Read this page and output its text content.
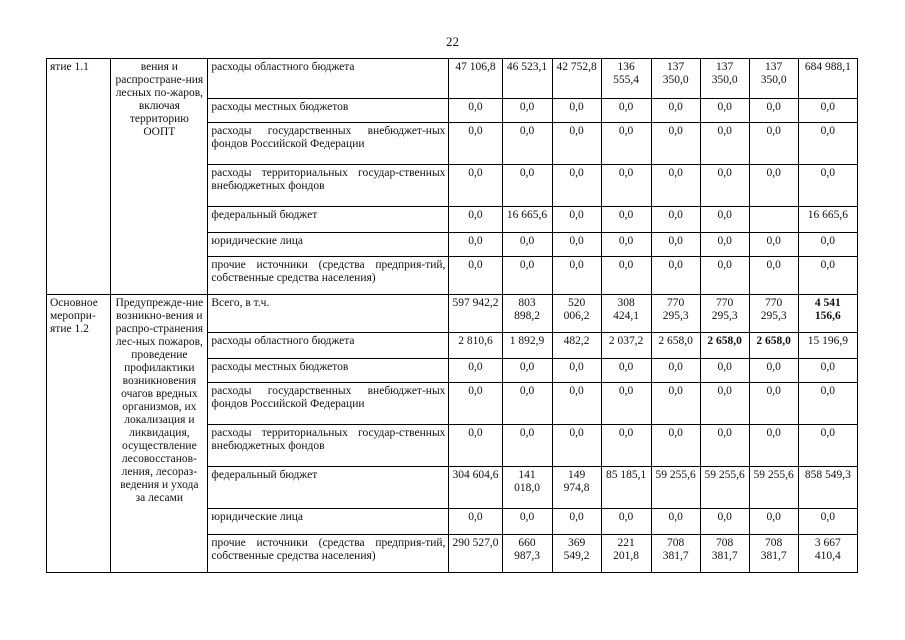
22
ятие 1.1	вения и распростране-ния лесных по-жаров, включая территорию ООПТ	расходы областного бюджета	47 106,8	46 523,1	42 752,8	136 555,4	137 350,0	137 350,0	137 350,0	684 988,1
		расходы местных бюджетов	0,0	0,0	0,0	0,0	0,0	0,0	0,0	0,0
		расходы государственных внебюджет-ных фондов Российской Федерации	0,0	0,0	0,0	0,0	0,0	0,0	0,0	0,0
		расходы территориальных государ-ственных внебюджетных фондов	0,0	0,0	0,0	0,0	0,0	0,0	0,0	0,0
		федеральный бюджет	0,0	16 665,6	0,0	0,0	0,0	0,0		16 665,6
		юридические лица	0,0	0,0	0,0	0,0	0,0	0,0	0,0	0,0
		прочие источники (средства предприя-тий, собственные средства населения)	0,0	0,0	0,0	0,0	0,0	0,0	0,0	0,0
Основное меропри-ятие 1.2	Предупрежде-ние возникно-вения и распро-странения лес-ных пожаров, проведение профилактики возникновения очагов вредных организмов, их локализация и ликвидация, осуществление лесовосстанов-ления, лесораз-ведения и ухода за лесами	Всего, в т.ч.	597 942,2	803 898,2	520 006,2	308 424,1	770 295,3	770 295,3	770 295,3	4 541 156,6
		расходы областного бюджета	2 810,6	1 892,9	482,2	2 037,2	2 658,0	2 658,0	2 658,0	15 196,9
		расходы местных бюджетов	0,0	0,0	0,0	0,0	0,0	0,0	0,0	0,0
		расходы государственных внебюджет-ных фондов Российской Федерации	0,0	0,0	0,0	0,0	0,0	0,0	0,0	0,0
		расходы территориальных государ-ственных внебюджетных фондов	0,0	0,0	0,0	0,0	0,0	0,0	0,0	0,0
		федеральный бюджет	304 604,6	141 018,0	149 974,8	85 185,1	59 255,6	59 255,6	59 255,6	858 549,3
		юридические лица	0,0	0,0	0,0	0,0	0,0	0,0	0,0	0,0
		прочие источники (средства предприя-тий, собственные средства населения)	290 527,0	660 987,3	369 549,2	221 201,8	708 381,7	708 381,7	708 381,7	3 667 410,4
